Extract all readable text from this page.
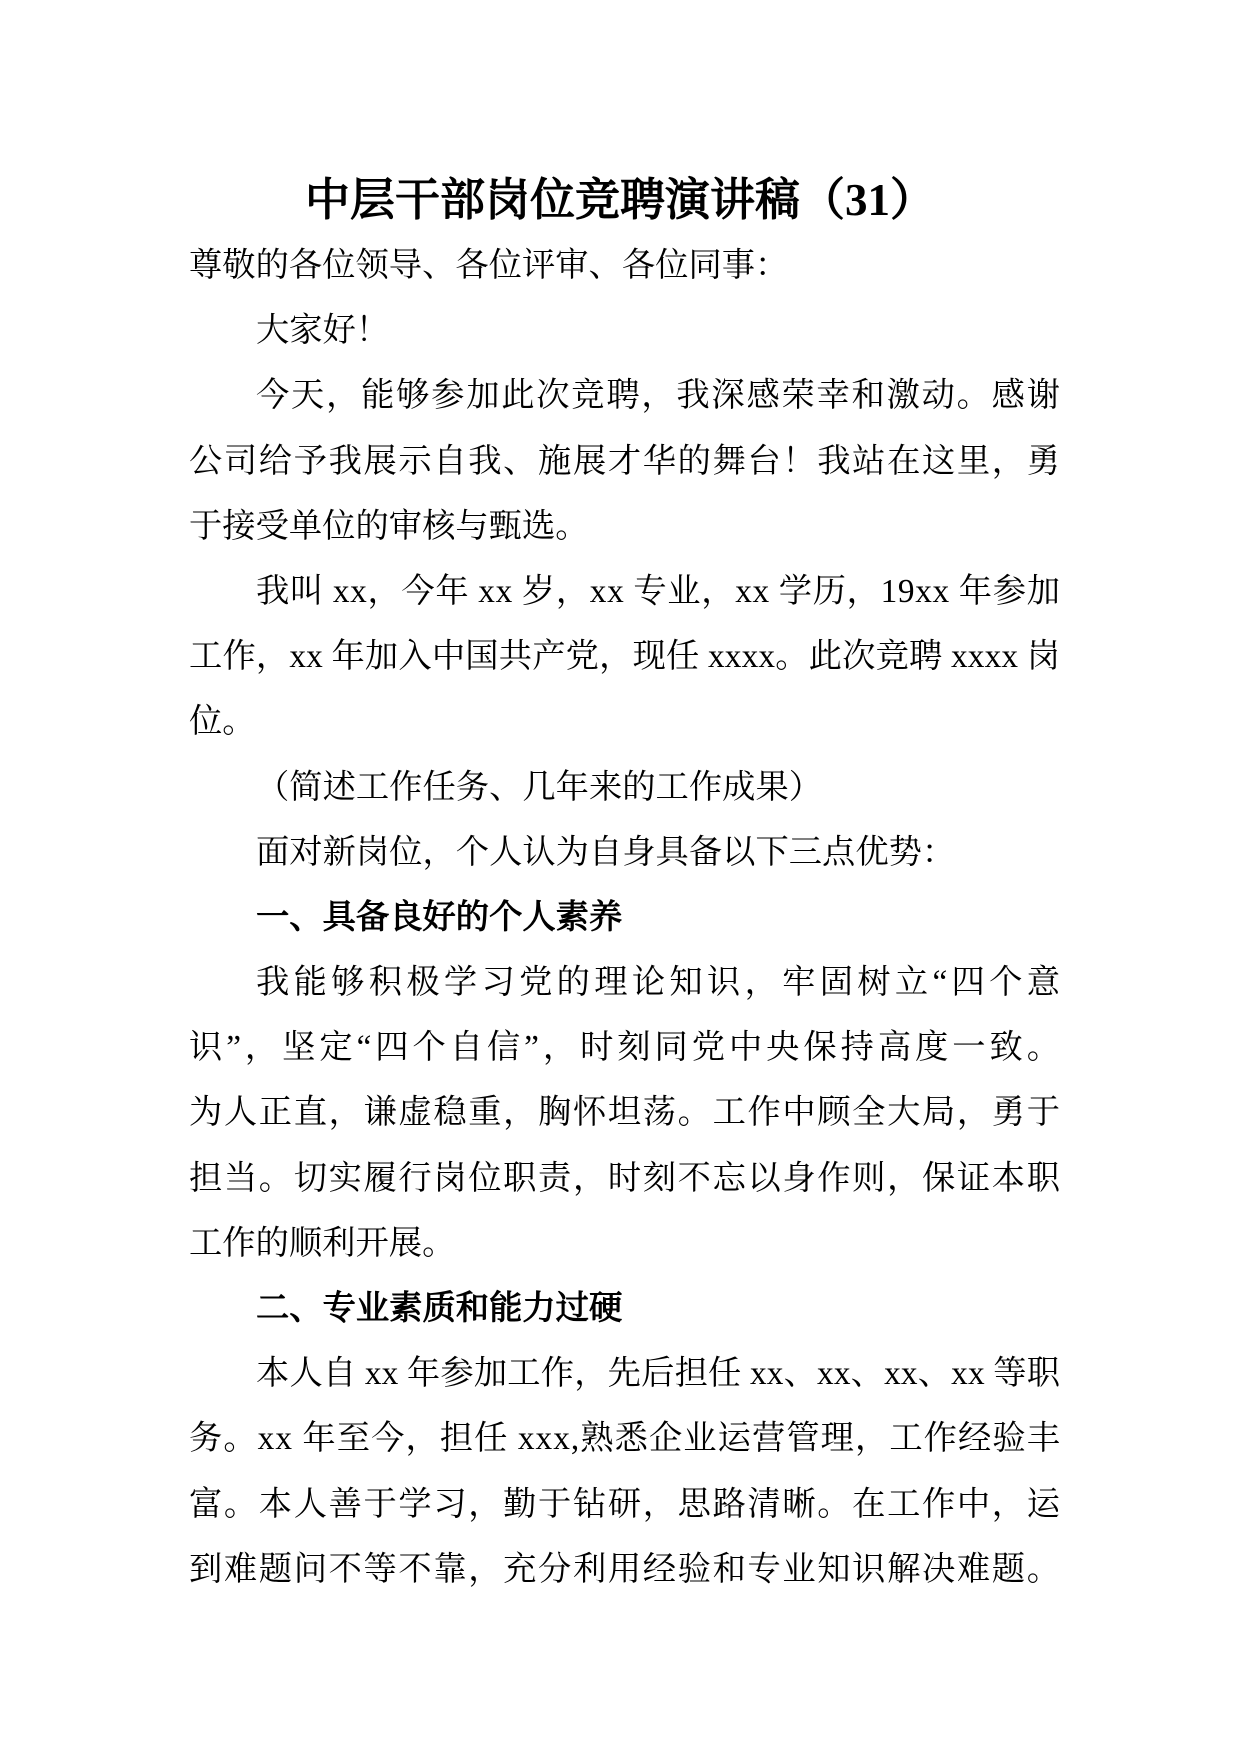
中层干部岗位竞聘演讲稿（31）
尊敬的各位领导、各位评审、各位同事：
大家好！
今天，能够参加此次竞聘，我深感荣幸和激动。感谢
公司给予我展示自我、施展才华的舞台！我站在这里，勇
于接受单位的审核与甄选。
我叫 xx，今年 xx 岁，xx 专业，xx 学历，19xx 年参加
工作，xx 年加入中国共产党，现任 xxxx。此次竞聘 xxxx 岗
位。
（简述工作任务、几年来的工作成果）
面对新岗位，个人认为自身具备以下三点优势：
一、具备良好的个人素养
我能够积极学习党的理论知识，牢固树立“四个意
识”，坚定“四个自信”，时刻同党中央保持高度一致。
为人正直，谦虚稳重，胸怀坦荡。工作中顾全大局，勇于
担当。切实履行岗位职责，时刻不忘以身作则，保证本职
工作的顺利开展。
二、专业素质和能力过硬
本人自 xx 年参加工作，先后担任 xx、xx、xx、xx 等职
务。xx 年至今，担任 xxx,熟悉企业运营管理，工作经验丰
富。本人善于学习，勤于钻研，思路清晰。在工作中，运
到难题问不等不靠，充分利用经验和专业知识解决难题。
